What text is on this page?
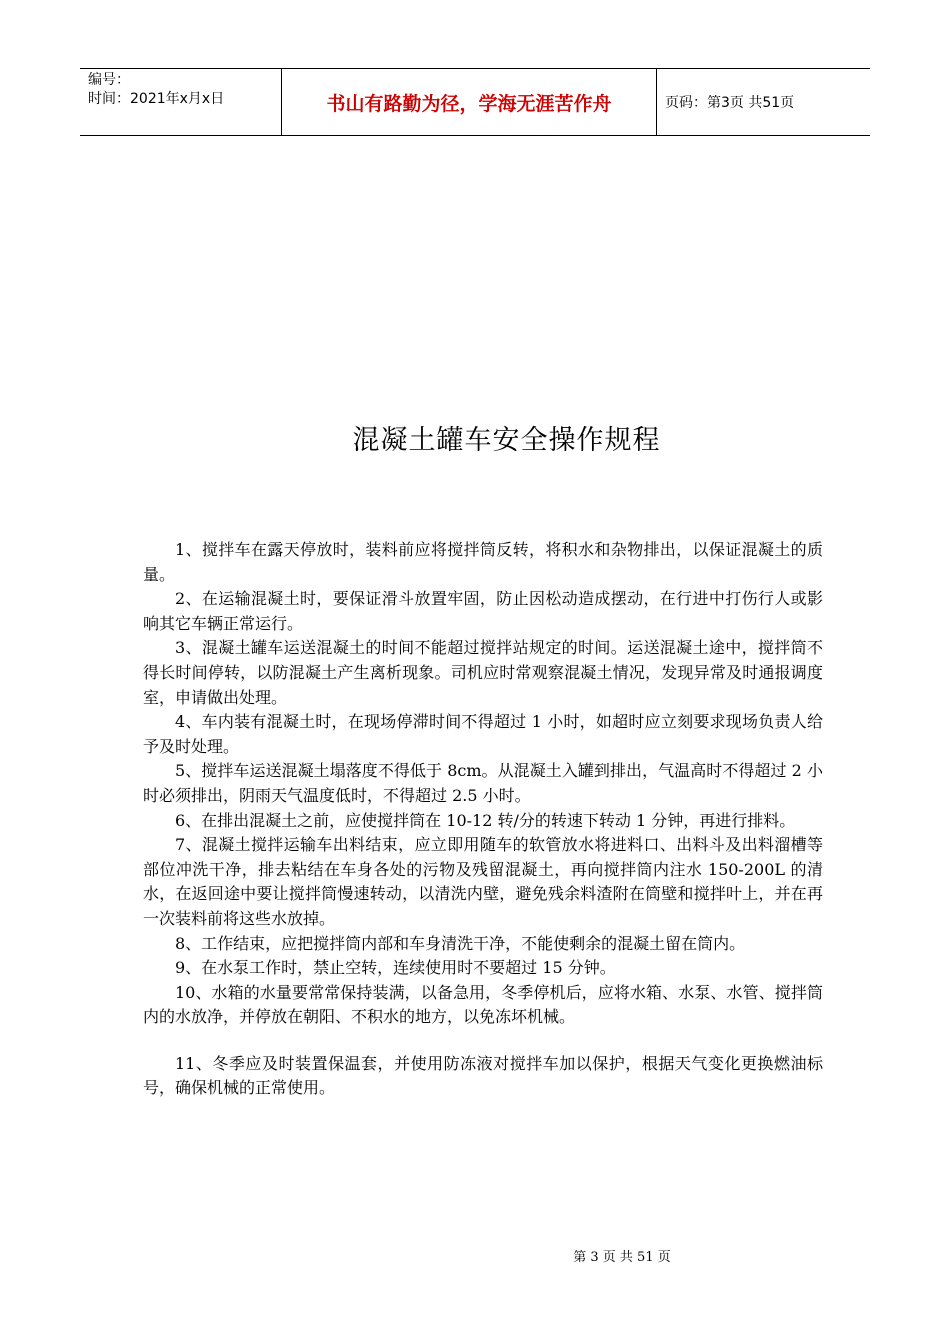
编号：
时间：2021年x月x日	书山有路勤为径，学海无涯苦作舟	页码：第3页 共51页
混凝土罐车安全操作规程

1、搅拌车在露天停放时，装料前应将搅拌筒反转，将积水和杂物排出，以保证混凝土的质量。

2、在运输混凝土时，要保证滑斗放置牢固，防止因松动造成摆动，在行进中打伤行人或影响其它车辆正常运行。

3、混凝土罐车运送混凝土的时间不能超过搅拌站规定的时间。运送混凝土途中，搅拌筒不得长时间停转，以防混凝土产生离析现象。司机应时常观察混凝土情况，发现异常及时通报调度室，申请做出处理。

4、车内装有混凝土时，在现场停滞时间不得超过 1 小时，如超时应立刻要求现场负责人给予及时处理。

5、搅拌车运送混凝土塌落度不得低于 8cm。从混凝土入罐到排出，气温高时不得超过 2 小时必须排出，阴雨天气温度低时，不得超过 2.5 小时。

6、在排出混凝土之前，应使搅拌筒在 10-12 转/分的转速下转动 1 分钟，再进行排料。

7、混凝土搅拌运输车出料结束，应立即用随车的软管放水将进料口、出料斗及出料溜槽等部位冲洗干净，排去粘结在车身各处的污物及残留混凝土，再向搅拌筒内注水 150-200L 的清水，在返回途中要让搅拌筒慢速转动，以清洗内壁，避免残余料渣附在筒壁和搅拌叶上，并在再一次装料前将这些水放掉。

8、工作结束，应把搅拌筒内部和车身清洗干净，不能使剩余的混凝土留在筒内。

9、在水泵工作时，禁止空转，连续使用时不要超过 15 分钟。

10、水箱的水量要常常保持装满，以备急用，冬季停机后，应将水箱、水泵、水管、搅拌筒内的水放净，并停放在朝阳、不积水的地方，以免冻坏机械。

11、冬季应及时装置保温套，并使用防冻液对搅拌车加以保护，根据天气变化更换燃油标号，确保机械的正常使用。

第 3 页 共 51 页
